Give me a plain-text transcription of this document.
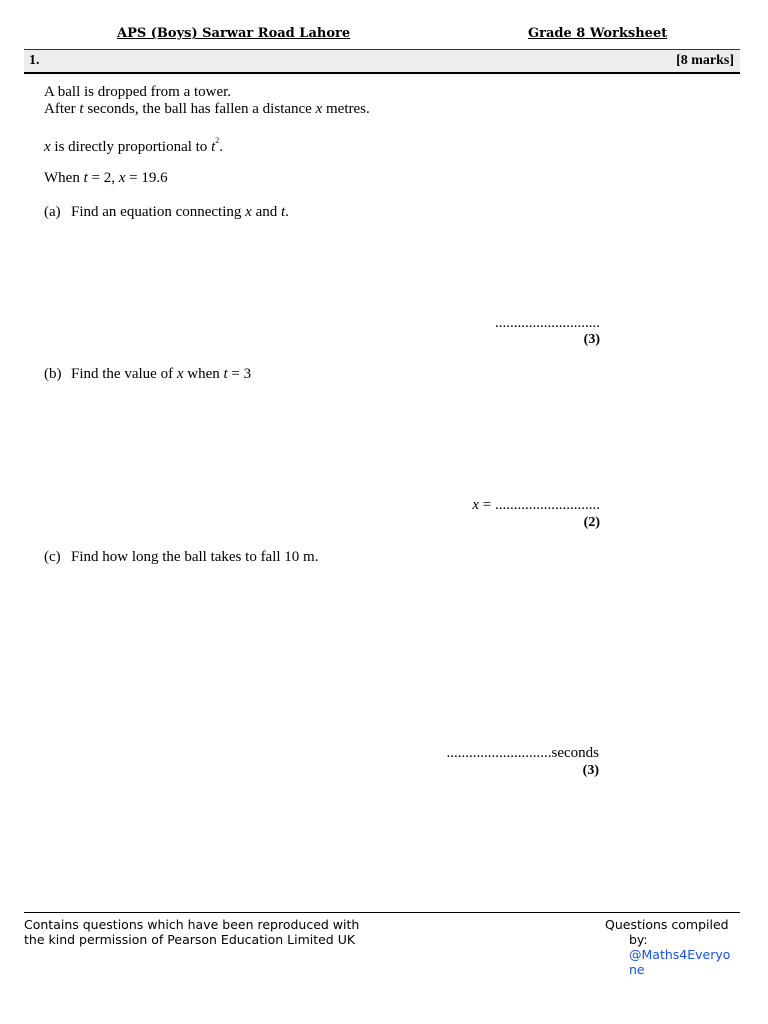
APS (Boys) Sarwar Road Lahore	Grade 8 Worksheet
1.	[8 marks]
A ball is dropped from a tower.
After t seconds, the ball has fallen a distance x metres.
x is directly proportional to $t^2$.
When t = 2, x = 19.6
(a) Find an equation connecting x and t.
............................
(3)
(b) Find the value of x when t = 3
x = ............................
(2)
(c) Find how long the ball takes to fall 10 m.
............................seconds
(3)
Contains questions which have been reproduced with
the kind permission of Pearson Education Limited UK
Questions compiled
by:
@Maths4Everyo
ne
